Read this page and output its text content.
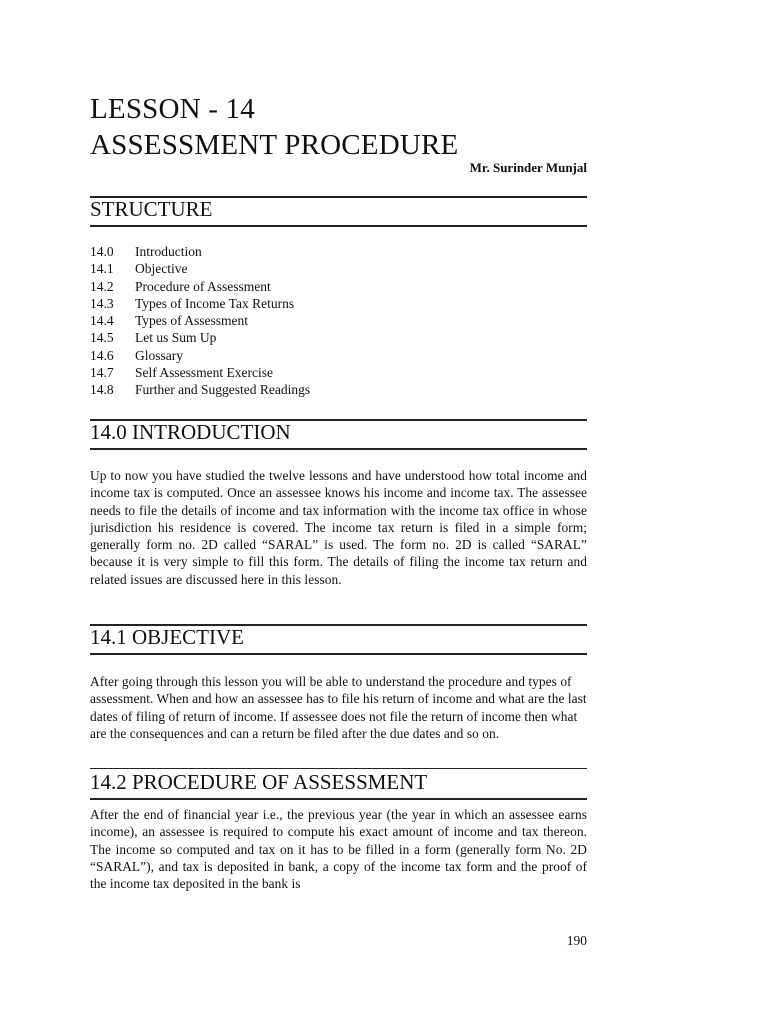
LESSON - 14
ASSESSMENT PROCEDURE
Mr. Surinder Munjal
STRUCTURE
14.0	Introduction
14.1	Objective
14.2	Procedure of Assessment
14.3	Types of Income Tax Returns
14.4	Types of Assessment
14.5	Let us Sum Up
14.6	Glossary
14.7	Self Assessment Exercise
14.8	Further and Suggested Readings
14.0 INTRODUCTION

Up to now you have studied the twelve lessons and have understood how total income and income tax is computed. Once an assessee knows his income and income tax. The assessee needs to file the details of income and tax information with the income tax office in whose jurisdiction his residence is covered. The income tax return is filed in a simple form; generally form no. 2D called “SARAL” is used. The form no. 2D is called “SARAL” because it is very simple to fill this form. The details of filing the income tax return and related issues are discussed here in this lesson.

14.1 OBJECTIVE

After going through this lesson you will be able to understand the procedure and types of assessment. When and how an assessee has to file his return of income and what are the last dates of filing of return of income. If assessee does not file the return of income then what are the consequences and can a return be filed after the due dates and so on.

14.2 PROCEDURE OF ASSESSMENT

After the end of financial year i.e., the previous year (the year in which an assessee earns income), an assessee is required to compute his exact amount of income and tax thereon. The income so computed and tax on it has to be filled in a form (generally form No. 2D “SARAL”), and tax is deposited in bank, a copy of the income tax form and the proof of the income tax deposited in the bank is

190
